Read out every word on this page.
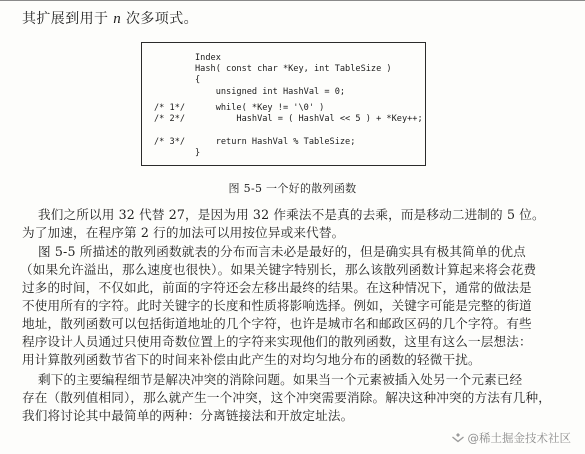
其扩展到用于 n 次多项式。
Index
Hash( const char *Key, int TableSize )
{
unsigned int HashVal = 0;
/* 1*/ while( *Key != '\0' )
/* 2*/ HashVal = ( HashVal << 5 ) + *Key++;
/* 3*/ return HashVal % TableSize;
}
图 5-5 一个好的散列函数
我们之所以用 32 代替 27，是因为用 32 作乘法不是真的去乘，而是移动二进制的 5 位。
为了加速，在程序第 2 行的加法可以用按位异或来代替。
图 5-5 所描述的散列函数就表的分布而言未必是最好的，但是确实具有极其简单的优点
（如果允许溢出，那么速度也很快）。如果关键字特别长，那么该散列函数计算起来将会花费
过多的时间，不仅如此，前面的字符还会左移出最终的结果。在这种情况下，通常的做法是
不使用所有的字符。此时关键字的长度和性质将影响选择。例如，关键字可能是完整的街道
地址，散列函数可以包括街道地址的几个字符，也许是城市名和邮政区码的几个字符。有些
程序设计人员通过只使用奇数位置上的字符来实现他们的散列函数，这里有这么一层想法：
用计算散列函数节省下的时间来补偿由此产生的对均匀地分布的函数的轻微干扰。
剩下的主要编程细节是解决冲突的消除问题。如果当一个元素被插入处另一个元素已经
存在（散列值相同），那么就产生一个冲突，这个冲突需要消除。解决这种冲突的方法有几种，
我们将讨论其中最简单的两种：分离链接法和开放定址法。
@稀土掘金技术社区
